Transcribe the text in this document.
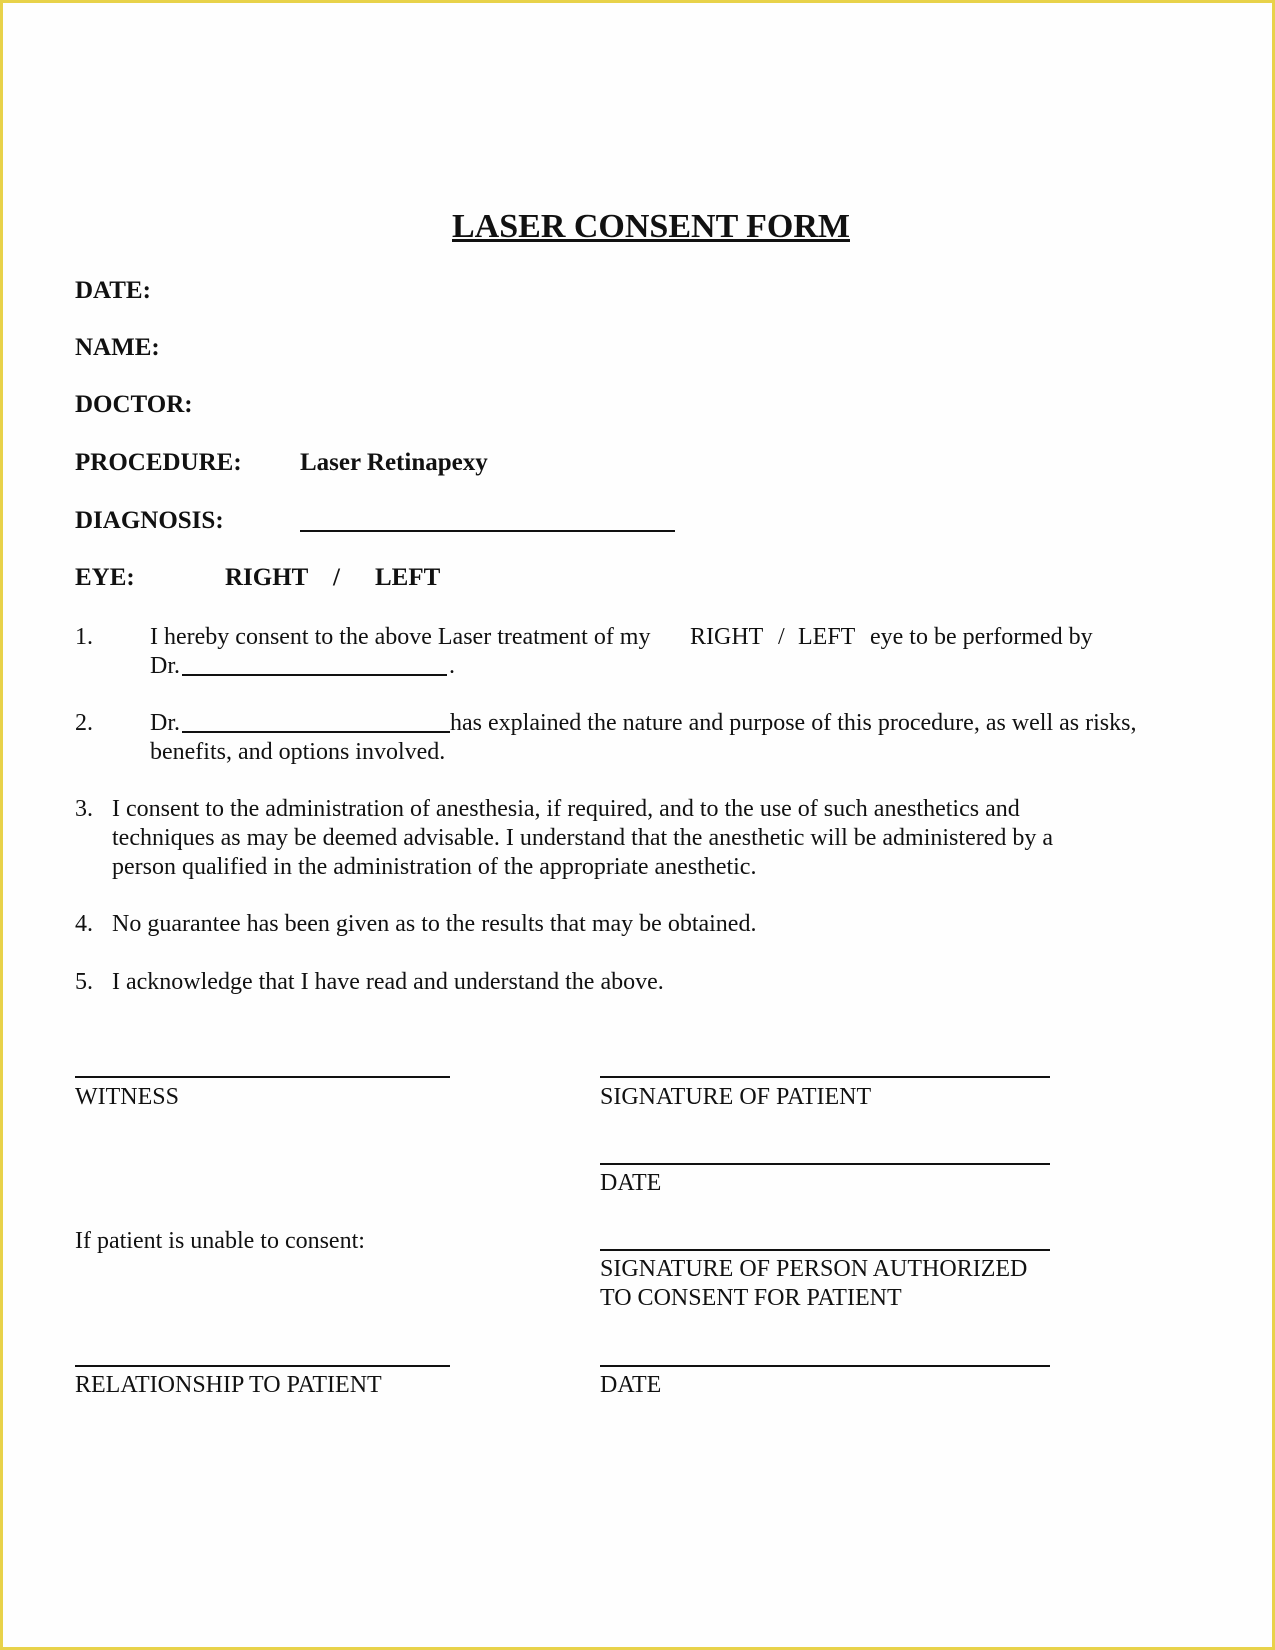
LASER CONSENT FORM
DATE:
NAME:
DOCTOR:
PROCEDURE: Laser Retinapexy
DIAGNOSIS:
EYE:	RIGHT / LEFT
1. I hereby consent to the above Laser treatment of my RIGHT / LEFT eye to be performed by
Dr.	.
2. Dr.	has explained the nature and purpose of this procedure, as well as risks,
benefits, and options involved.
3. I consent to the administration of anesthesia, if required, and to the use of such anesthetics and
techniques as may be deemed advisable. I understand that the anesthetic will be administered by a
person qualified in the administration of the appropriate anesthetic.
4. No guarantee has been given as to the results that may be obtained.
5. I acknowledge that I have read and understand the above.
WITNESS	SIGNATURE OF PATIENT
DATE
If patient is unable to consent:
SIGNATURE OF PERSON AUTHORIZED
TO CONSENT FOR PATIENT
RELATIONSHIP TO PATIENT	DATE
